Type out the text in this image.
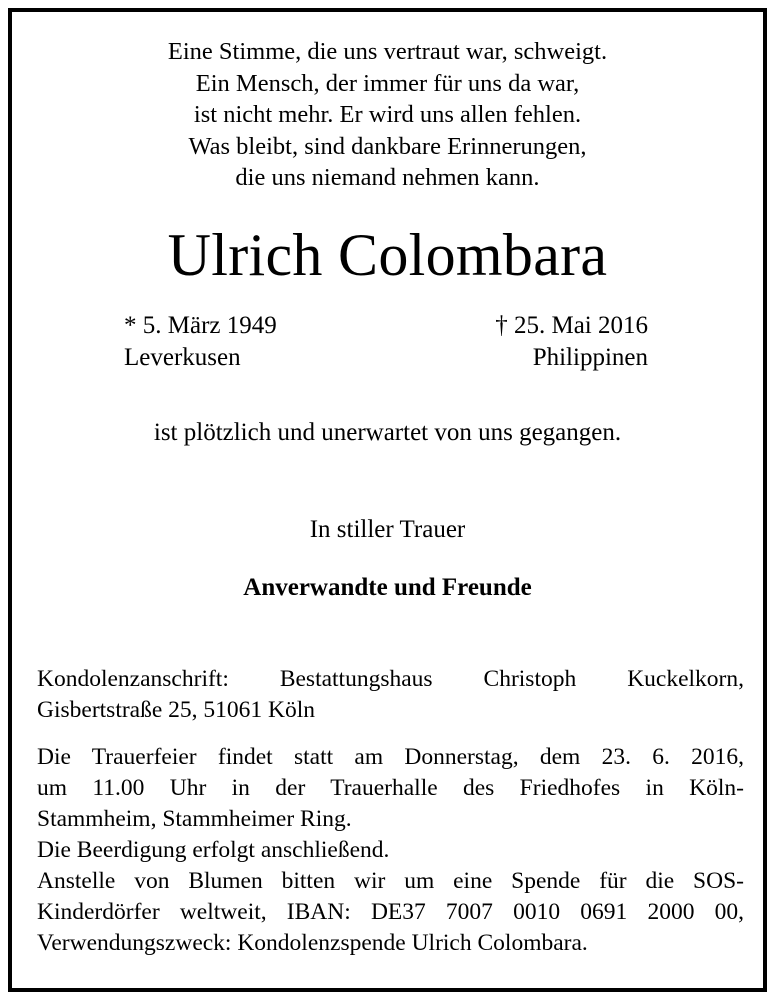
Eine Stimme, die uns vertraut war, schweigt.
Ein Mensch, der immer für uns da war,
ist nicht mehr. Er wird uns allen fehlen.
Was bleibt, sind dankbare Erinnerungen,
die uns niemand nehmen kann.
Ulrich Colombara
* 5. März 1949
Leverkusen
† 25. Mai 2016
Philippinen
ist plötzlich und unerwartet von uns gegangen.
In stiller Trauer
Anverwandte und Freunde
Kondolenzanschrift: Bestattungshaus Christoph Kuckelkorn,
Gisbertstraße 25, 51061 Köln
Die Trauerfeier findet statt am Donnerstag, dem 23. 6. 2016,
um 11.00 Uhr in der Trauerhalle des Friedhofes in Köln-
Stammheim, Stammheimer Ring.
Die Beerdigung erfolgt anschließend.
Anstelle von Blumen bitten wir um eine Spende für die SOS-
Kinderdörfer weltweit, IBAN: DE37 7007 0010 0691 2000 00,
Verwendungszweck: Kondolenzspende Ulrich Colombara.
